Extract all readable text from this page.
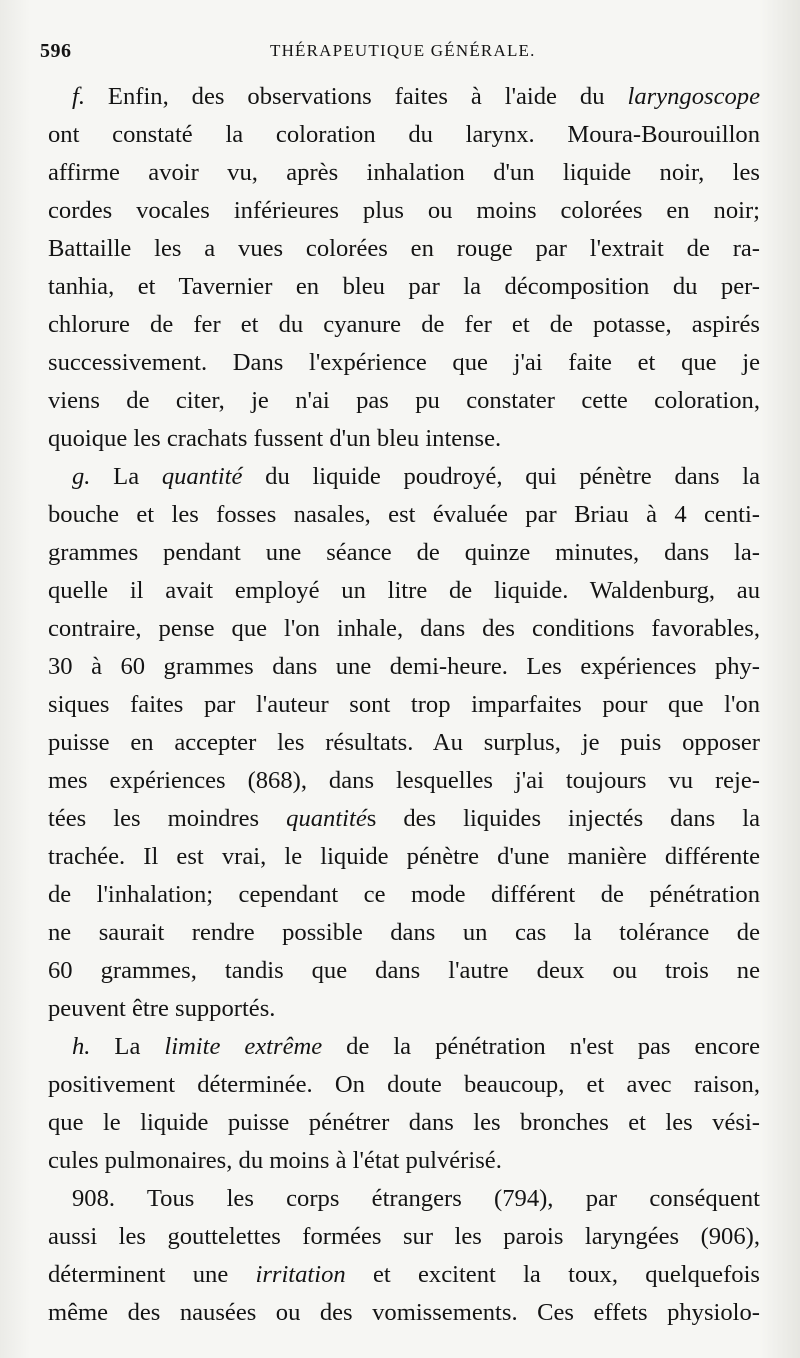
596	THÉRAPEUTIQUE GÉNÉRALE.
f. Enfin, des observations faites à l'aide du laryngoscope
ont constaté la coloration du larynx. Moura-Bourouillon
affirme avoir vu, après inhalation d'un liquide noir, les
cordes vocales inférieures plus ou moins colorées en noir;
Battaille les a vues colorées en rouge par l'extrait de ra-
tanhia, et Tavernier en bleu par la décomposition du per-
chlorure de fer et du cyanure de fer et de potasse, aspirés
successivement. Dans l'expérience que j'ai faite et que je
viens de citer, je n'ai pas pu constater cette coloration,
quoique les crachats fussent d'un bleu intense.
g. La quantité du liquide poudroyé, qui pénètre dans la
bouche et les fosses nasales, est évaluée par Briau à 4 centi-
grammes pendant une séance de quinze minutes, dans la-
quelle il avait employé un litre de liquide. Waldenburg, au
contraire, pense que l'on inhale, dans des conditions favorables,
30 à 60 grammes dans une demi-heure. Les expériences phy-
siques faites par l'auteur sont trop imparfaites pour que l'on
puisse en accepter les résultats. Au surplus, je puis opposer
mes expériences (868), dans lesquelles j'ai toujours vu reje-
tées les moindres quantités des liquides injectés dans la
trachée. Il est vrai, le liquide pénètre d'une manière différente
de l'inhalation; cependant ce mode différent de pénétration
ne saurait rendre possible dans un cas la tolérance de
60 grammes, tandis que dans l'autre deux ou trois ne
peuvent être supportés.
h. La limite extrême de la pénétration n'est pas encore
positivement déterminée. On doute beaucoup, et avec raison,
que le liquide puisse pénétrer dans les bronches et les vési-
cules pulmonaires, du moins à l'état pulvérisé.
908. Tous les corps étrangers (794), par conséquent
aussi les gouttelettes formées sur les parois laryngées (906),
déterminent une irritation et excitent la toux, quelquefois
même des nausées ou des vomissements. Ces effets physiolo-
